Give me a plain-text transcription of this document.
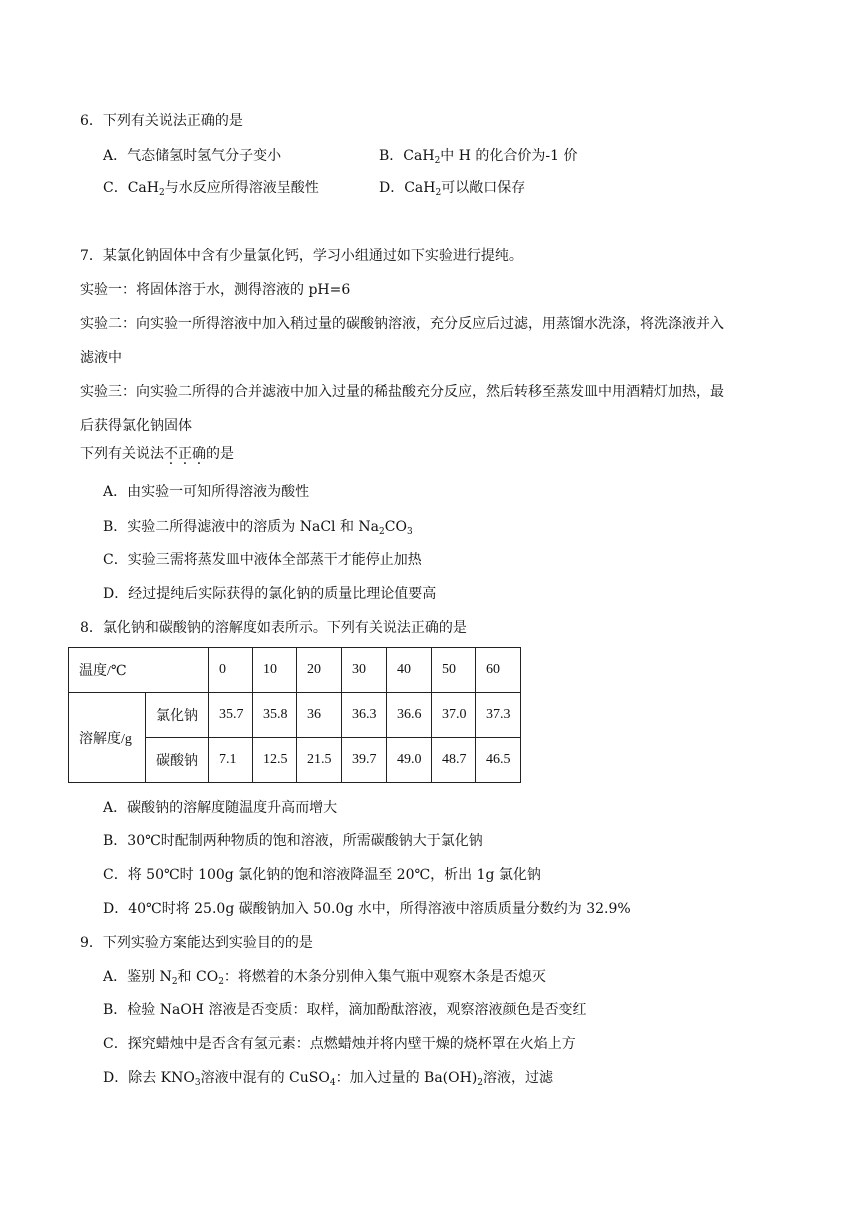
6．下列有关说法正确的是
A．气态储氢时氢气分子变小	B．CaH$_2$中 H 的化合价为-1 价
C．CaH$_2$与水反应所得溶液呈酸性	D．CaH$_2$可以敞口保存
7．某氯化钠固体中含有少量氯化钙，学习小组通过如下实验进行提纯。
实验一：将固体溶于水，测得溶液的 pH=6
实验二：向实验一所得溶液中加入稍过量的碳酸钠溶液，充分反应后过滤，用蒸馏水洗涤，将洗涤液并入
滤液中
实验三：向实验二所得的合并滤液中加入过量的稀盐酸充分反应，然后转移至蒸发皿中用酒精灯加热，最
后获得氯化钠固体
下列有关说法不正确的是
A．由实验一可知所得溶液为酸性
B．实验二所得滤液中的溶质为 NaCl 和 $Na_2CO_3$
C．实验三需将蒸发皿中液体全部蒸干才能停止加热
D．经过提纯后实际获得的氯化钠的质量比理论值要高
8．氯化钠和碳酸钠的溶解度如表所示。下列有关说法正确的是
温度/℃		0	10	20	30	40	50	60
溶解度/g	氯化钠	35.7	35.8	36	36.3	36.6	37.0	37.3
	碳酸钠	7.1	12.5	21.5	39.7	49.0	48.7	46.5
A．碳酸钠的溶解度随温度升高而增大
B．30℃时配制两种物质的饱和溶液，所需碳酸钠大于氯化钠
C．将 50℃时 100g 氯化钠的饱和溶液降温至 20℃，析出 1g 氯化钠
D．40℃时将 25.0g 碳酸钠加入 50.0g 水中，所得溶液中溶质质量分数约为 32.9%
9．下列实验方案能达到实验目的的是
A．鉴别 $N_2$和 $CO_2$：将燃着的木条分别伸入集气瓶中观察木条是否熄灭
B．检验 NaOH 溶液是否变质：取样，滴加酚酞溶液，观察溶液颜色是否变红
C．探究蜡烛中是否含有氢元素：点燃蜡烛并将内壁干燥的烧杯罩在火焰上方
D．除去 $KNO_3$溶液中混有的 CuSO$_4$：加入过量的 $Ba(OH)_2$溶液，过滤
